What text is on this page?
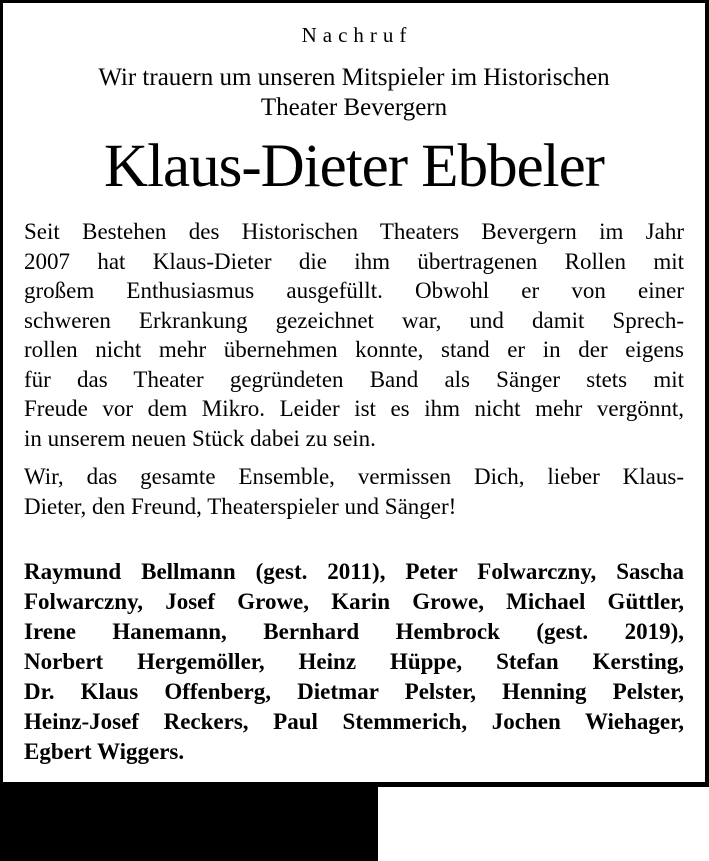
Nachruf
Wir trauern um unseren Mitspieler im Historischen
Theater Bevergern
Klaus-Dieter Ebbeler
Seit Bestehen des Historischen Theaters Bevergern im Jahr
2007 hat Klaus-Dieter die ihm übertragenen Rollen mit
großem Enthusiasmus ausgefüllt. Obwohl er von einer
schweren Erkrankung gezeichnet war, und damit Sprech-
rollen nicht mehr übernehmen konnte, stand er in der eigens
für das Theater gegründeten Band als Sänger stets mit
Freude vor dem Mikro. Leider ist es ihm nicht mehr vergönnt,
in unserem neuen Stück dabei zu sein.
Wir, das gesamte Ensemble, vermissen Dich, lieber Klaus-
Dieter, den Freund, Theaterspieler und Sänger!
Raymund Bellmann (gest. 2011), Peter Folwarczny, Sascha
Folwarczny, Josef Growe, Karin Growe, Michael Güttler,
Irene Hanemann, Bernhard Hembrock (gest. 2019),
Norbert Hergemöller, Heinz Hüppe, Stefan Kersting,
Dr. Klaus Offenberg, Dietmar Pelster, Henning Pelster,
Heinz-Josef Reckers, Paul Stemmerich, Jochen Wiehager,
Egbert Wiggers.
